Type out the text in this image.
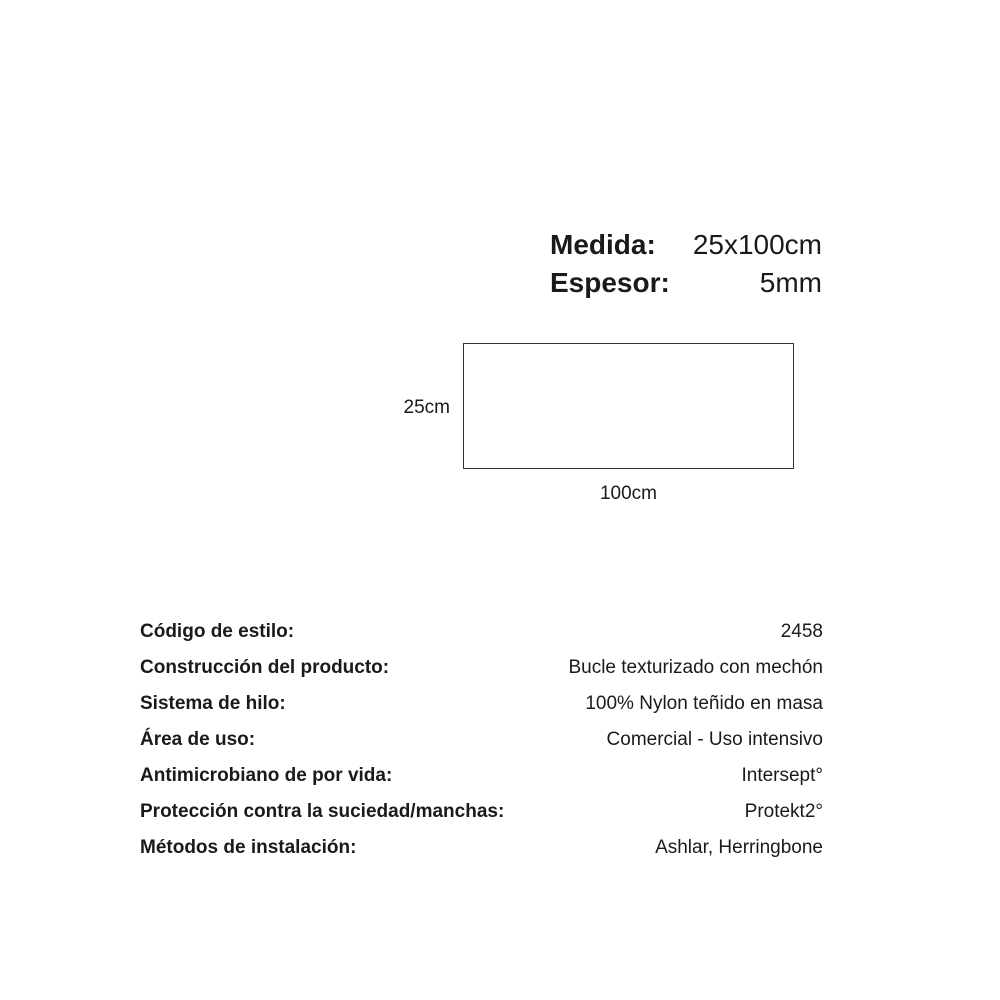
Medida: 25x100cm
Espesor:	5mm
25cm
100cm
Código de estilo:	2458
Construcción del producto:	Bucle texturizado con mechón
Sistema de hilo:	100% Nylon teñido en masa
Área de uso:	Comercial - Uso intensivo
Antimicrobiano de por vida:	Intersept°
Protección contra la suciedad/manchas:	Protekt2°
Métodos de instalación:	Ashlar, Herringbone
